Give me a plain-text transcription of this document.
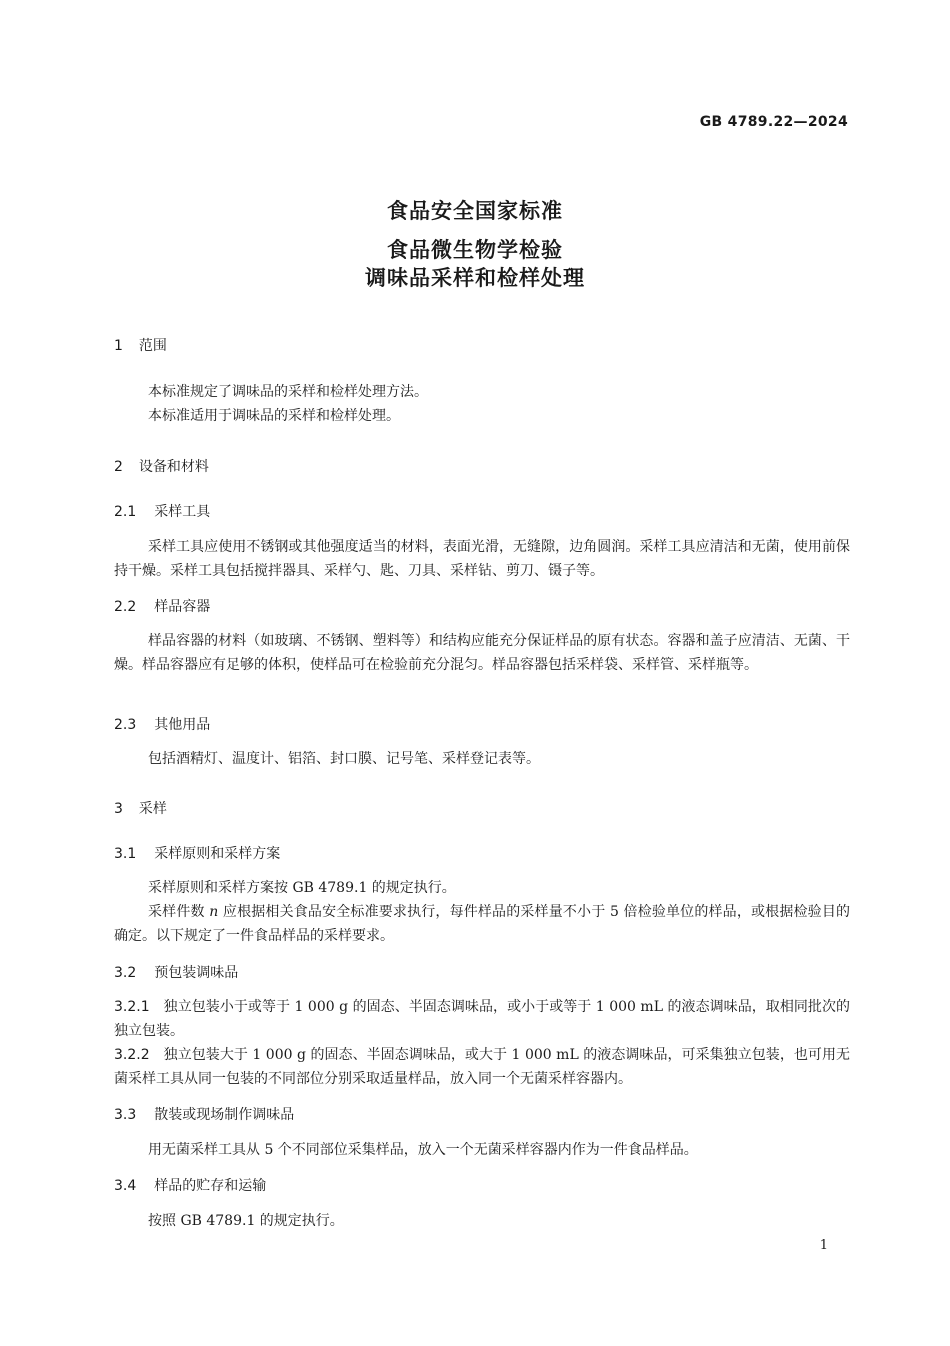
GB 4789.22—2024
食品安全国家标准
食品微生物学检验
调味品采样和检样处理
1 范围

本标准规定了调味品的采样和检样处理方法。

本标准适用于调味品的采样和检样处理。

2 设备和材料
2.1 采样工具

采样工具应使用不锈钢或其他强度适当的材料，表面光滑，无缝隙，边角圆润。采样工具应清洁和无菌，使用前保持干燥。采样工具包括搅拌器具、采样勺、匙、刀具、采样钻、剪刀、镊子等。

2.2 样品容器

样品容器的材料（如玻璃、不锈钢、塑料等）和结构应能充分保证样品的原有状态。容器和盖子应清洁、无菌、干燥。样品容器应有足够的体积，使样品可在检验前充分混匀。样品容器包括采样袋、采样管、采样瓶等。

2.3 其他用品

包括酒精灯、温度计、铝箔、封口膜、记号笔、采样登记表等。

3 采样
3.1 采样原则和采样方案

采样原则和采样方案按 GB 4789.1 的规定执行。

采样件数 n 应根据相关食品安全标准要求执行，每件样品的采样量不小于 5 倍检验单位的样品，或根据检验目的确定。以下规定了一件食品样品的采样要求。

3.2 预包装调味品

3.2.1 独立包装小于或等于 1 000 g 的固态、半固态调味品，或小于或等于 1 000 mL 的液态调味品，取相同批次的独立包装。

3.2.2 独立包装大于 1 000 g 的固态、半固态调味品，或大于 1 000 mL 的液态调味品，可采集独立包装，也可用无菌采样工具从同一包装的不同部位分别采取适量样品，放入同一个无菌采样容器内。

3.3 散装或现场制作调味品

用无菌采样工具从 5 个不同部位采集样品，放入一个无菌采样容器内作为一件食品样品。

3.4 样品的贮存和运输

按照 GB 4789.1 的规定执行。

1
